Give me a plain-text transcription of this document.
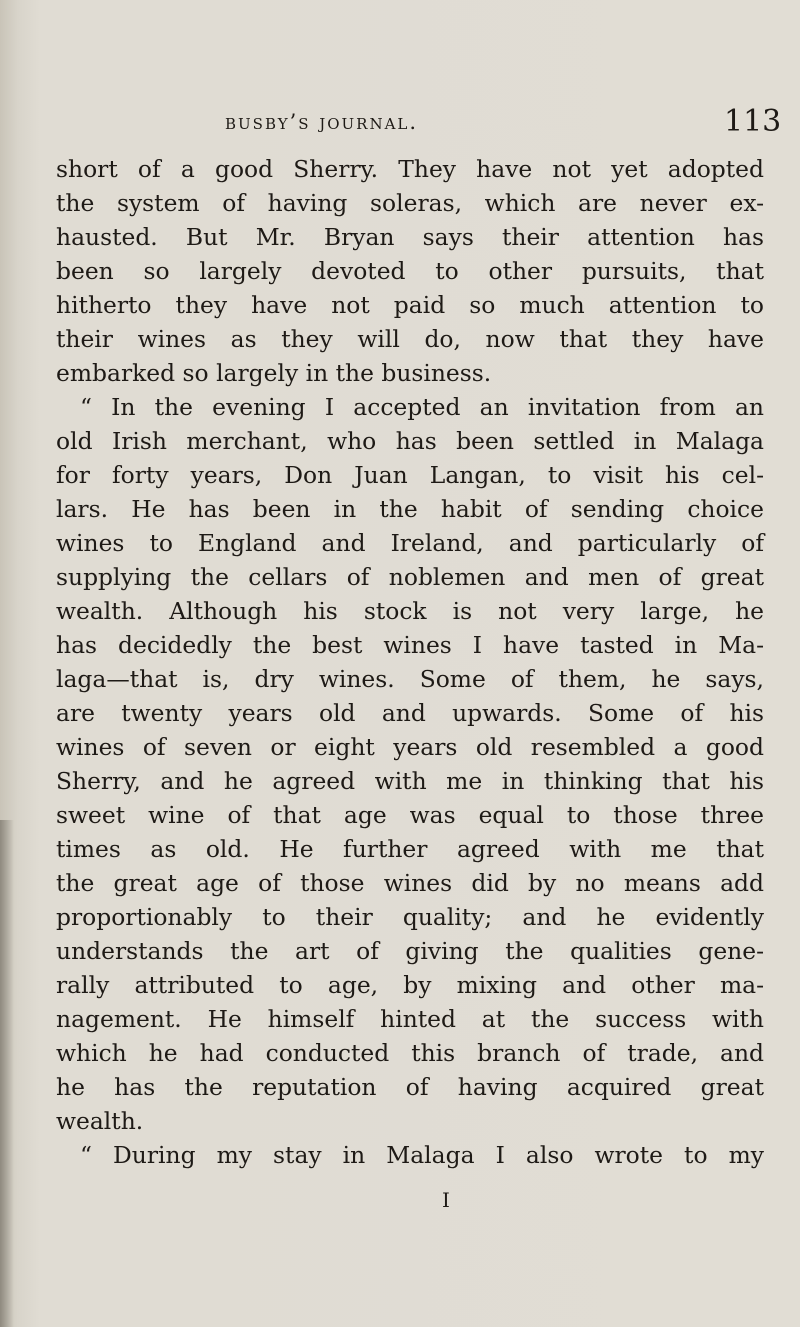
busby’s journal.	113
short of a good Sherry. They have not yet adopted
the system of having soleras, which are never ex-
hausted. But Mr. Bryan says their attention has
been so largely devoted to other pursuits, that
hitherto they have not paid so much attention to
their wines as they will do, now that they have
embarked so largely in the business.
“ In the evening I accepted an invitation from an
old Irish merchant, who has been settled in Malaga
for forty years, Don Juan Langan, to visit his cel-
lars. He has been in the habit of sending choice
wines to England and Ireland, and particularly of
supplying the cellars of noblemen and men of great
wealth. Although his stock is not very large, he
has decidedly the best wines I have tasted in Ma-
laga—that is, dry wines. Some of them, he says,
are twenty years old and upwards. Some of his
wines of seven or eight years old resembled a good
Sherry, and he agreed with me in thinking that his
sweet wine of that age was equal to those three
times as old. He further agreed with me that
the great age of those wines did by no means add
proportionably to their quality; and he evidently
understands the art of giving the qualities gene-
rally attributed to age, by mixing and other ma-
nagement. He himself hinted at the success with
which he had conducted this branch of trade, and
he has the reputation of having acquired great
wealth.
“ During my stay in Malaga I also wrote to my
I
